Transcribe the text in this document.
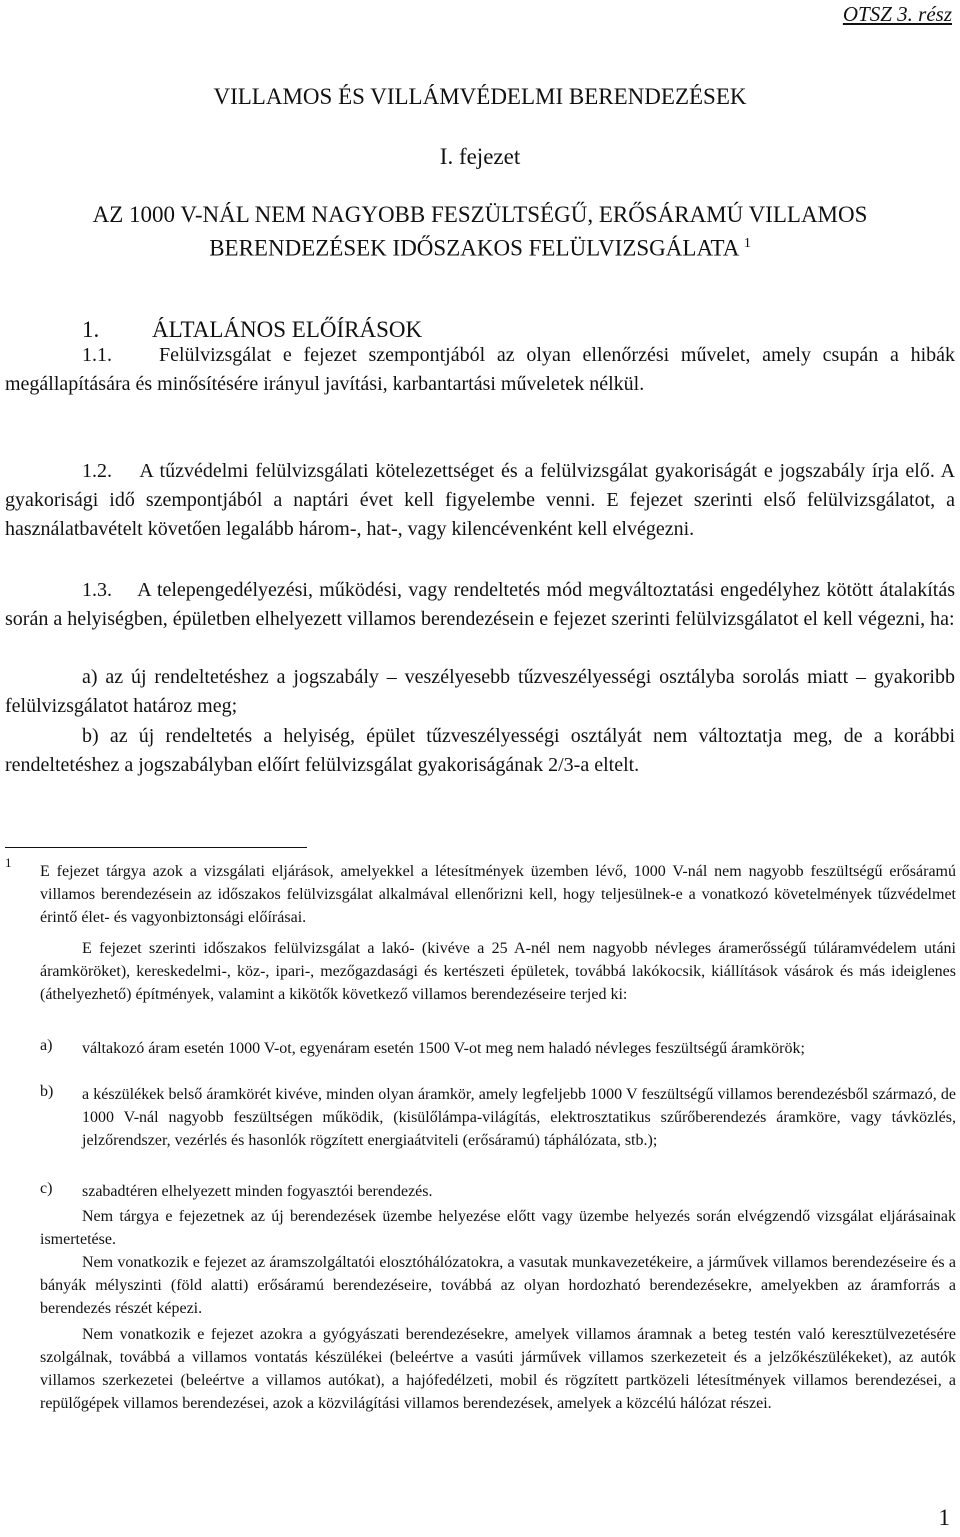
OTSZ 3. rész
VILLAMOS ÉS VILLÁMVÉDELMI BERENDEZÉSEK
I. fejezet
AZ 1000 V-NÁL NEM NAGYOBB FESZÜLTSÉGŰ, ERŐSÁRAMÚ VILLAMOS
BERENDEZÉSEK IDŐSZAKOS FELÜLVIZSGÁLATA $^1$
1. ÁLTALÁNOS ELŐÍRÁSOK
1.1. Felülvizsgálat e fejezet szempontjából az olyan ellenőrzési művelet, amely csupán a hibák megállapítására és minősítésére irányul javítási, karbantartási műveletek nélkül.
1.2. A tűzvédelmi felülvizsgálati kötelezettséget és a felülvizsgálat gyakoriságát e jogszabály írja elő. A gyakorisági idő szempontjából a naptári évet kell figyelembe venni. E fejezet szerinti első felülvizsgálatot, a használatbavételt követően legalább három-, hat-, vagy kilencévenként kell elvégezni.
1.3. A telepengedélyezési, működési, vagy rendeltetés mód megváltoztatási engedélyhez kötött átalakítás során a helyiségben, épületben elhelyezett villamos berendezésein e fejezet szerinti felülvizsgálatot el kell végezni, ha:
a) az új rendeltetéshez a jogszabály – veszélyesebb tűzveszélyességi osztályba sorolás miatt – gyakoribb felülvizsgálatot határoz meg;
b) az új rendeltetés a helyiség, épület tűzveszélyességi osztályát nem változtatja meg, de a korábbi rendeltetéshez a jogszabályban előírt felülvizsgálat gyakoriságának 2/3-a eltelt.
1
E fejezet tárgya azok a vizsgálati eljárások, amelyekkel a létesítmények üzemben lévő, 1000 V-nál nem nagyobb feszültségű erősáramú villamos berendezésein az időszakos felülvizsgálat alkalmával ellenőrizni kell, hogy teljesülnek-e a vonatkozó követelmények tűzvédelmet érintő élet- és vagyonbiztonsági előírásai.
E fejezet szerinti időszakos felülvizsgálat a lakó- (kivéve a 25 A-nél nem nagyobb névleges áramerősségű túláramvédelem utáni áramköröket), kereskedelmi-, köz-, ipari-, mezőgazdasági és kertészeti épületek, továbbá lakókocsik, kiállítások vásárok és más ideiglenes (áthelyezhető) építmények, valamint a kikötők következő villamos berendezéseire terjed ki:
a) váltakozó áram esetén 1000 V-ot, egyenáram esetén 1500 V-ot meg nem haladó névleges feszültségű áramkörök;
b) a készülékek belső áramkörét kivéve, minden olyan áramkör, amely legfeljebb 1000 V feszültségű villamos berendezésből származó, de 1000 V-nál nagyobb feszültségen működik, (kisülőlámpa-világítás, elektrosztatikus szűrőberendezés áramköre, vagy távközlés, jelzőrendszer, vezérlés és hasonlók rögzített energiaátviteli (erősáramú) táphálózata, stb.);
c) szabadtéren elhelyezett minden fogyasztói berendezés.
Nem tárgya e fejezetnek az új berendezések üzembe helyezése előtt vagy üzembe helyezés során elvégzendő vizsgálat eljárásainak ismertetése.
Nem vonatkozik e fejezet az áramszolgáltatói elosztóhálózatokra, a vasutak munkavezetékeire, a járművek villamos berendezéseire és a bányák mélyszinti (föld alatti) erősáramú berendezéseire, továbbá az olyan hordozható berendezésekre, amelyekben az áramforrás a berendezés részét képezi.
Nem vonatkozik e fejezet azokra a gyógyászati berendezésekre, amelyek villamos áramnak a beteg testén való keresztülvezetésére szolgálnak, továbbá a villamos vontatás készülékei (beleértve a vasúti járművek villamos szerkezeteit és a jelzőkészülékeket), az autók villamos szerkezetei (beleértve a villamos autókat), a hajófedélzeti, mobil és rögzített partközeli létesítmények villamos berendezései, a repülőgépek villamos berendezései, azok a közvilágítási villamos berendezések, amelyek a közcélú hálózat részei.
1
